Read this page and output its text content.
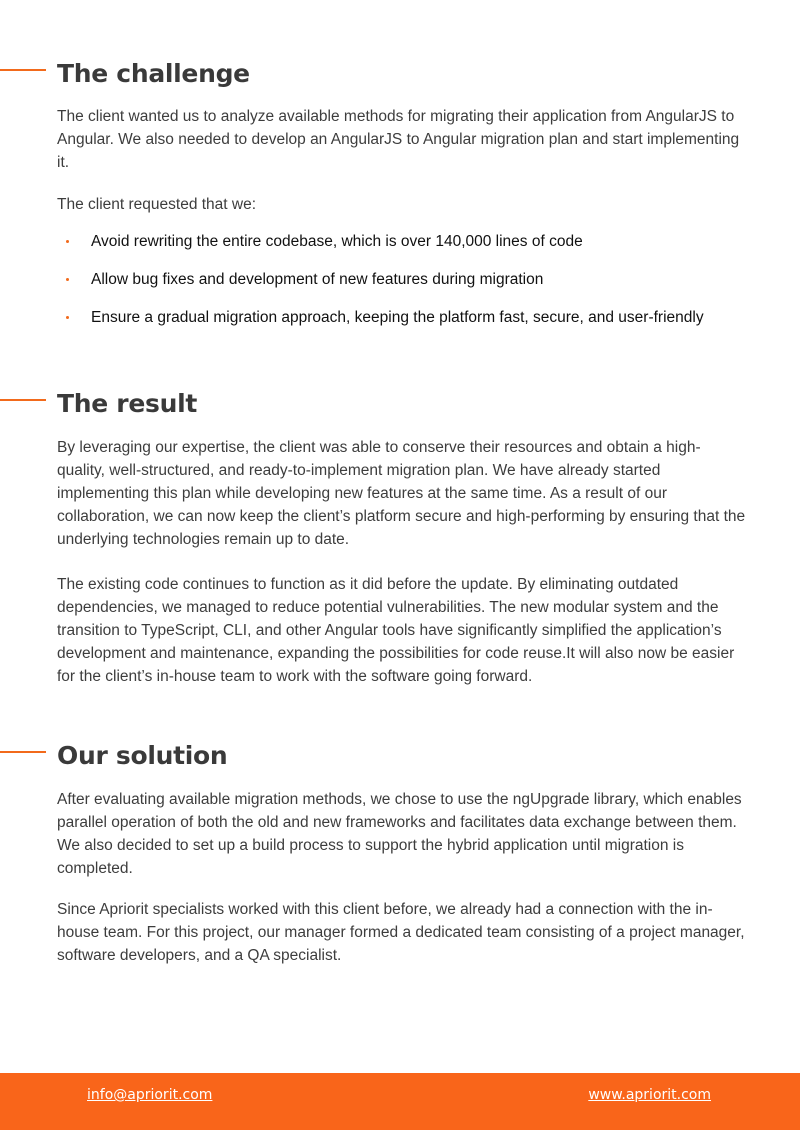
The challenge

The client wanted us to analyze available methods for migrating their application from AngularJS to Angular. We also needed to develop an AngularJS to Angular migration plan and start implementing it.

The client requested that we:

Avoid rewriting the entire codebase, which is over 140,000 lines of code
Allow bug fixes and development of new features during migration
Ensure a gradual migration approach, keeping the platform fast, secure, and user-friendly
The result

By leveraging our expertise, the client was able to conserve their resources and obtain a high-quality, well-structured, and ready-to-implement migration plan. We have already started implementing this plan while developing new features at the same time. As a result of our collaboration, we can now keep the client’s platform secure and high-performing by ensuring that the underlying technologies remain up to date.

The existing code continues to function as it did before the update. By eliminating outdated dependencies, we managed to reduce potential vulnerabilities. The new modular system and the transition to TypeScript, CLI, and other Angular tools have significantly simplified the application’s development and maintenance, expanding the possibilities for code reuse.It will also now be easier for the client’s in-house team to work with the software going forward.

Our solution

After evaluating available migration methods, we chose to use the ngUpgrade library, which enables parallel operation of both the old and new frameworks and facilitates data exchange between them. We also decided to set up a build process to support the hybrid application until migration is completed.

Since Apriorit specialists worked with this client before, we already had a connection with the in-house team. For this project, our manager formed a dedicated team consisting of a project manager, software developers, and a QA specialist.

info@apriorit.com	www.apriorit.com
